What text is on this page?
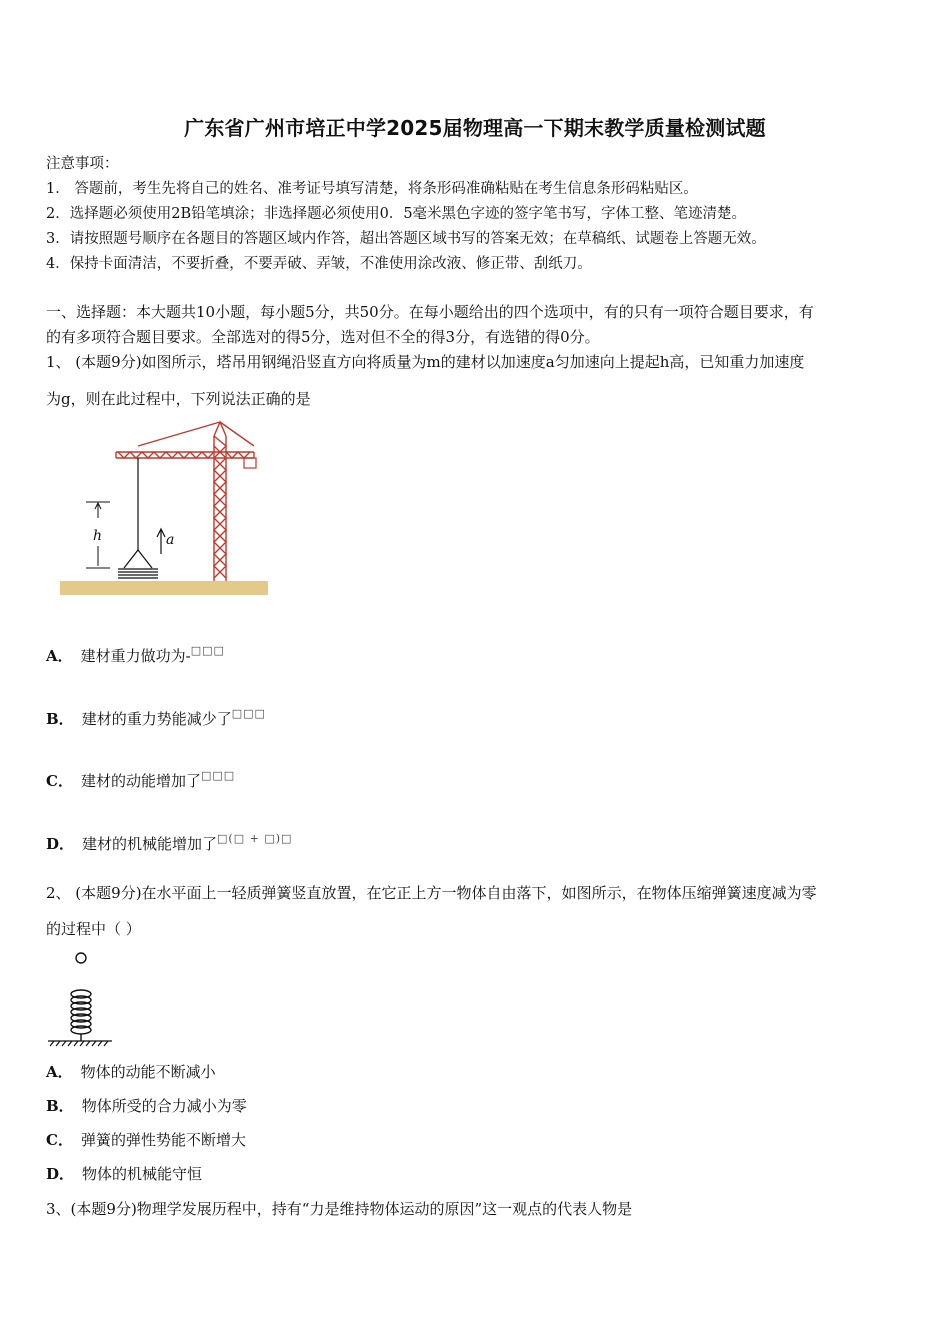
广东省广州市培正中学2025届物理高一下期末教学质量检测试题
注意事项：
1． 答题前，考生先将自己的姓名、准考证号填写清楚，将条形码准确粘贴在考生信息条形码粘贴区。
2．选择题必须使用2B铅笔填涂；非选择题必须使用0．5毫米黑色字迹的签字笔书写，字体工整、笔迹清楚。
3．请按照题号顺序在各题目的答题区域内作答，超出答题区域书写的答案无效；在草稿纸、试题卷上答题无效。
4．保持卡面清洁，不要折叠，不要弄破、弄皱，不准使用涂改液、修正带、刮纸刀。
一、选择题：本大题共10小题，每小题5分，共50分。在每小题给出的四个选项中，有的只有一项符合题目要求，有
的有多项符合题目要求。全部选对的得5分，选对但不全的得3分，有选错的得0分。
1、 (本题9分)如图所示，塔吊用钢绳沿竖直方向将质量为m的建材以加速度a匀加速向上提起h高，已知重力加速度
为g，则在此过程中，下列说法正确的是
h	a
A． 建材重力做功为-□□□
B． 建材的重力势能减少了□□□
C． 建材的动能增加了□□□
D． 建材的机械能增加了□(□ + □)□
2、 (本题9分)在水平面上一轻质弹簧竖直放置，在它正上方一物体自由落下，如图所示，在物体压缩弹簧速度减为零
的过程中（ ）
A． 物体的动能不断减小
B． 物体所受的合力减小为零
C． 弹簧的弹性势能不断增大
D． 物体的机械能守恒
3、(本题9分)物理学发展历程中，持有“力是维持物体运动的原因”这一观点的代表人物是
